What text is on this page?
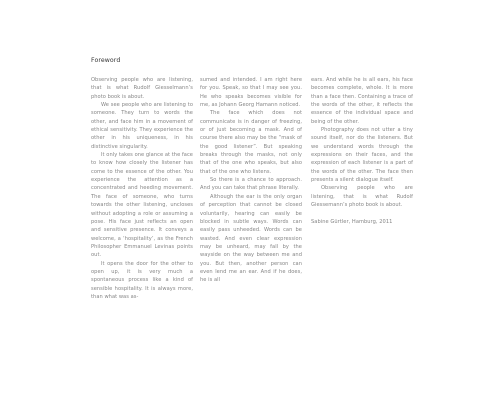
Foreword

Observing people who are listening, that is what Rudolf Giesselmann’s photo book is about.

We see people who are listening to someone. They turn to words the other, and face him in a movement of ethical sensitivity. They experience the other in his uniqueness, in his distinctive singularity.

It only takes one glance at the face to know how closely the listener has come to the essence of the other. You experience the attention as a concentrated and heeding movement. The face of someone, who turns towards the other listening, uncloses without adopting a role or assuming a pose. His face just reflects an open and sensitive presence. It conveys a welcome, a ‘hospitality’, as the French Philosopher Emmanuel Levinas points out.

It opens the door for the other to open up, it is very much a spontaneous process like a kind of sensible hospitality. It is always more, than what was as-

sumed and intended. I am right here for you. Speak, so that I may see you. He who speaks becomes visible for me, as Johann Georg Hamann noticed.

The face which does not communicate is in danger of freezing, or of just becoming a mask. And of course there also may be the “mask of the good listener”. But speaking breaks through the masks, not only that of the one who speaks, but also that of the one who listens.

So there is a chance to approach. And you can take that phrase literally.

Although the ear is the only organ of perception that cannot be closed voluntarily, hearing can easily be blocked in subtle ways. Words can easily pass unheeded. Words can be wasted. And even clear expression may be unheard, may fall by the wayside on the way between me and you. But then, another person can even lend me an ear. And if he does, he is all

ears. And while he is all ears, his face becomes complete, whole. It is more than a face then. Containing a trace of the words of the other, it reflects the essence of the individual space and being of the other.

Photography does not utter a tiny sound itself, nor do the listeners. But we understand words through the expressions on their faces, and the expression of each listener is a part of the words of the other. The face then presents a silent dialogue itself.

Observing people who are listening, that is what Rudolf Giessemann’s photo book is about.

Sabine Gürtler, Hamburg, 2011
